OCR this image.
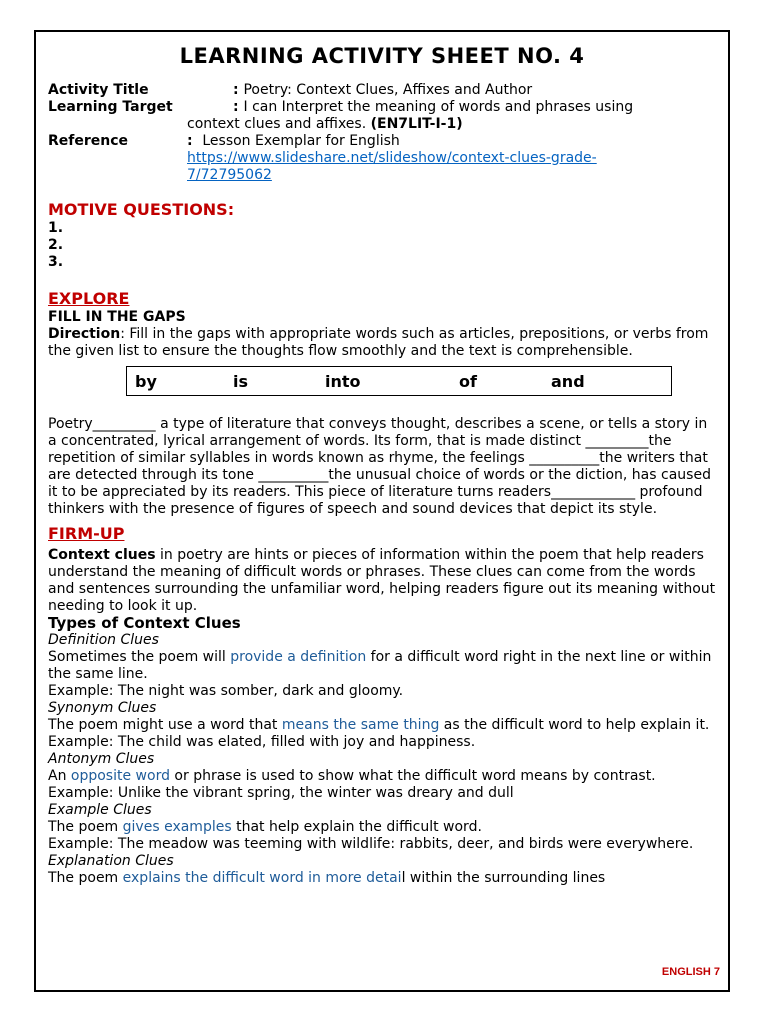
LEARNING ACTIVITY SHEET NO. 4
Activity Title	: Poetry: Context Clues, Affixes and Author
Learning Target	: I can Interpret the meaning of words and phrases using
context clues and affixes. (EN7LIT-I-1)
Reference	:  Lesson Exemplar for English
https://www.slideshare.net/slideshow/context-clues-grade-
7/72795062
MOTIVE QUESTIONS:
1.
2.
3.
EXPLORE
FILL IN THE GAPS

Direction: Fill in the gaps with appropriate words such as articles, prepositions, or verbs from the given list to ensure the thoughts flow smoothly and the text is comprehensible.

by	is	into	of	and

Poetry_________ a type of literature that conveys thought, describes a scene, or tells a story in a concentrated, lyrical arrangement of words. Its form, that is made distinct _________the repetition of similar syllables in words known as rhyme, the feelings __________the writers that are detected through its tone __________the unusual choice of words or the diction, has caused it to be appreciated by its readers. This piece of literature turns readers____________ profound thinkers with the presence of figures of speech and sound devices that depict its style.

FIRM-UP

Context clues in poetry are hints or pieces of information within the poem that help readers understand the meaning of difficult words or phrases. These clues can come from the words and sentences surrounding the unfamiliar word, helping readers figure out its meaning without needing to look it up.

Types of Context Clues
Definition Clues

Sometimes the poem will provide a definition for a difficult word right in the next line or within the same line.

Example: The night was somber, dark and gloomy.

Synonym Clues

The poem might use a word that means the same thing as the difficult word to help explain it.

Example: The child was elated, filled with joy and happiness.

Antonym Clues

An opposite word or phrase is used to show what the difficult word means by contrast.

Example: Unlike the vibrant spring, the winter was dreary and dull

Example Clues

The poem gives examples that help explain the difficult word.

Example: The meadow was teeming with wildlife: rabbits, deer, and birds were everywhere.

Explanation Clues

The poem explains the difficult word in more detail within the surrounding lines

ENGLISH 7
